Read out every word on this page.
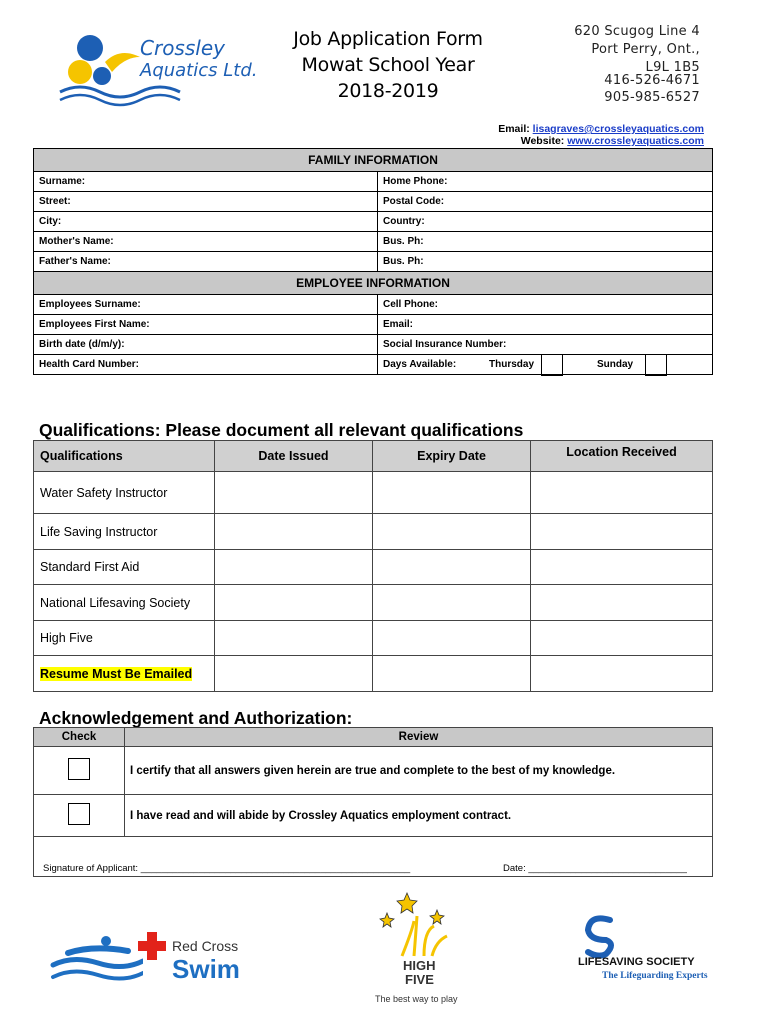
Crossley
Aquatics Ltd.
Job Application Form
Mowat School Year
2018-2019
620 Scugog Line 4
Port Perry, Ont.,
L9L 1B5
416-526-4671
905-985-6527
Email: lisagraves@crossleyaquatics.com
Website: www.crossleyaquatics.com
FAMILY INFORMATION	
Surname:	Home Phone:
Street:	Postal Code:
City:	Country:
Mother's Name:	Bus. Ph:
Father's Name:	Bus. Ph:
EMPLOYEE INFORMATION	
Employees Surname:	Cell Phone:
Employees First Name:	Email:
Birth date (d/m/y):	Social Insurance Number:
Health Card Number:	Days Available: Thursday Sunday
Qualifications: Please document all relevant qualifications
Qualifications	Date Issued	Expiry Date	Location Received
Water Safety Instructor			
Life Saving Instructor			
Standard First Aid			
National Lifesaving Society			
High Five			
Resume Must Be Emailed			
Acknowledgement and Authorization:
Check	Review
	I certify that all answers given herein are true and complete to the best of my knowledge.
	I have read and will abide by Crossley Aquatics employment contract.
Signature of Applicant: ___________________________________________________ Date: ______________________________	
Red Cross
Swim	HIGH
FIVE
The best way to play
LIFESAVING SOCIETY
The Lifeguarding Experts
